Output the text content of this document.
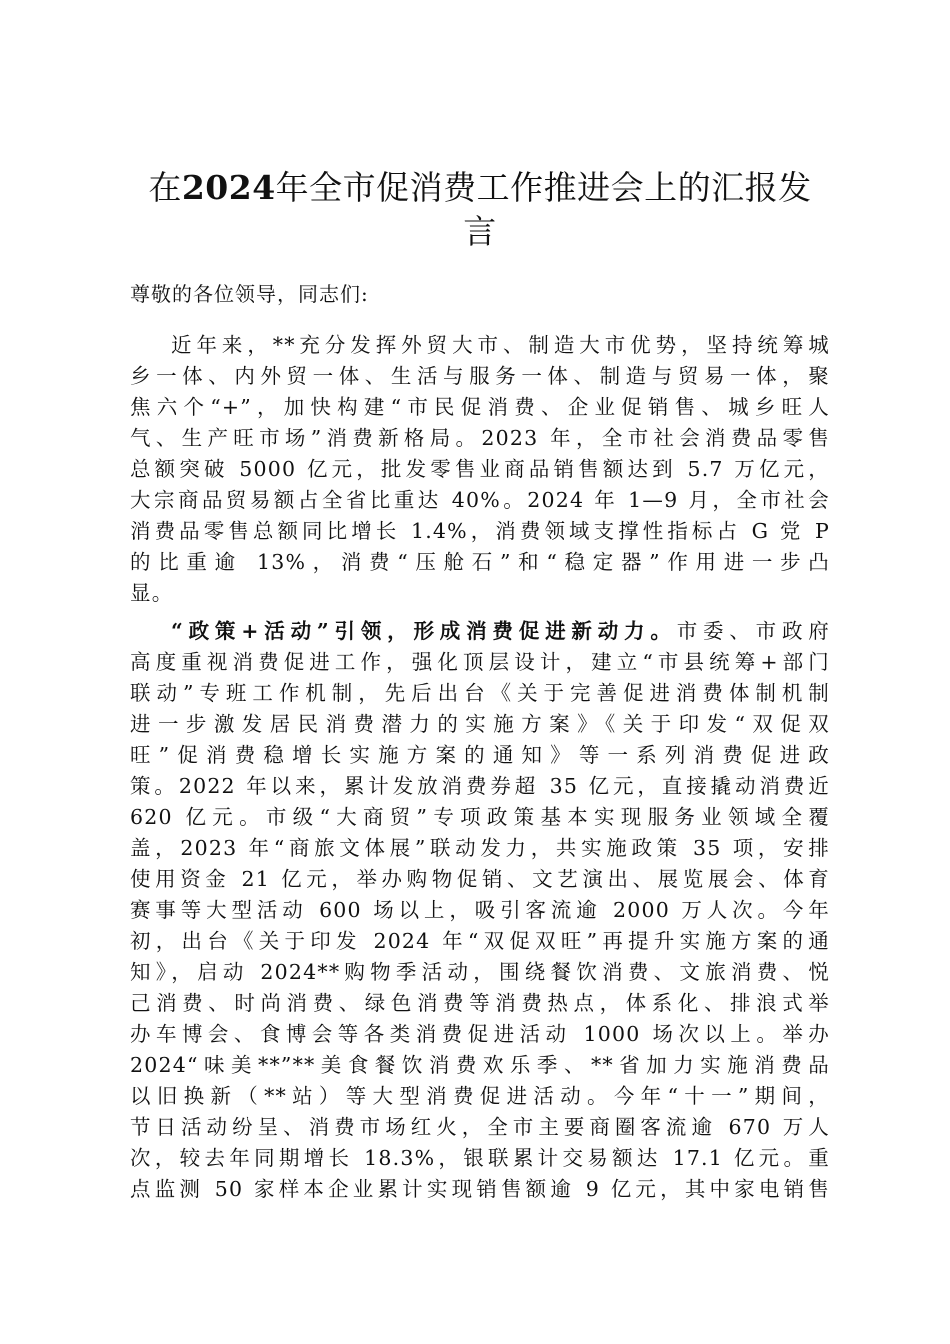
在2024年全市促消费工作推进会上的汇报发
言

尊敬的各位领导，同志们:

近年来，**充分发挥外贸大市、制造大市优势，坚持统筹城
乡一体、内外贸一体、生活与服务一体、制造与贸易一体，聚
焦六个“+”，加快构建“市民促消费、企业促销售、城乡旺人
气、生产旺市场”消费新格局。2023 年，全市社会消费品零售
总额突破 5000 亿元，批发零售业商品销售额达到 5.7 万亿元，
大宗商品贸易额占全省比重达 40%。2024 年 1—9 月，全市社会
消费品零售总额同比增长 1.4%，消费领域支撑性指标占 G 党 P
的比重逾 13%，消费“压舱石”和“稳定器”作用进一步凸
显。
“政策+活动”引领，形成消费促进新动力。市委、市政府
高度重视消费促进工作，强化顶层设计，建立“市县统筹+部门
联动”专班工作机制，先后出台《关于完善促进消费体制机制
进一步激发居民消费潜力的实施方案》《关于印发“双促双
旺”促消费稳增长实施方案的通知》等一系列消费促进政
策。2022 年以来，累计发放消费券超 35 亿元，直接撬动消费近
620 亿元。市级“大商贸”专项政策基本实现服务业领域全覆
盖，2023 年“商旅文体展”联动发力，共实施政策 35 项，安排
使用资金 21 亿元，举办购物促销、文艺演出、展览展会、体育
赛事等大型活动 600 场以上，吸引客流逾 2000 万人次。今年
初，出台《关于印发 2024 年“双促双旺”再提升实施方案的通
知》，启动 2024**购物季活动，围绕餐饮消费、文旅消费、悦
己消费、时尚消费、绿色消费等消费热点，体系化、排浪式举
办车博会、食博会等各类消费促进活动 1000 场次以上。举办
2024“味美**”**美食餐饮消费欢乐季、**省加力实施消费品
以旧换新（**站）等大型消费促进活动。今年“十一”期间，
节日活动纷呈、消费市场红火，全市主要商圈客流逾 670 万人
次，较去年同期增长 18.3%，银联累计交易额达 17.1 亿元。重
点监测 50 家样本企业累计实现销售额逾 9 亿元，其中家电销售
